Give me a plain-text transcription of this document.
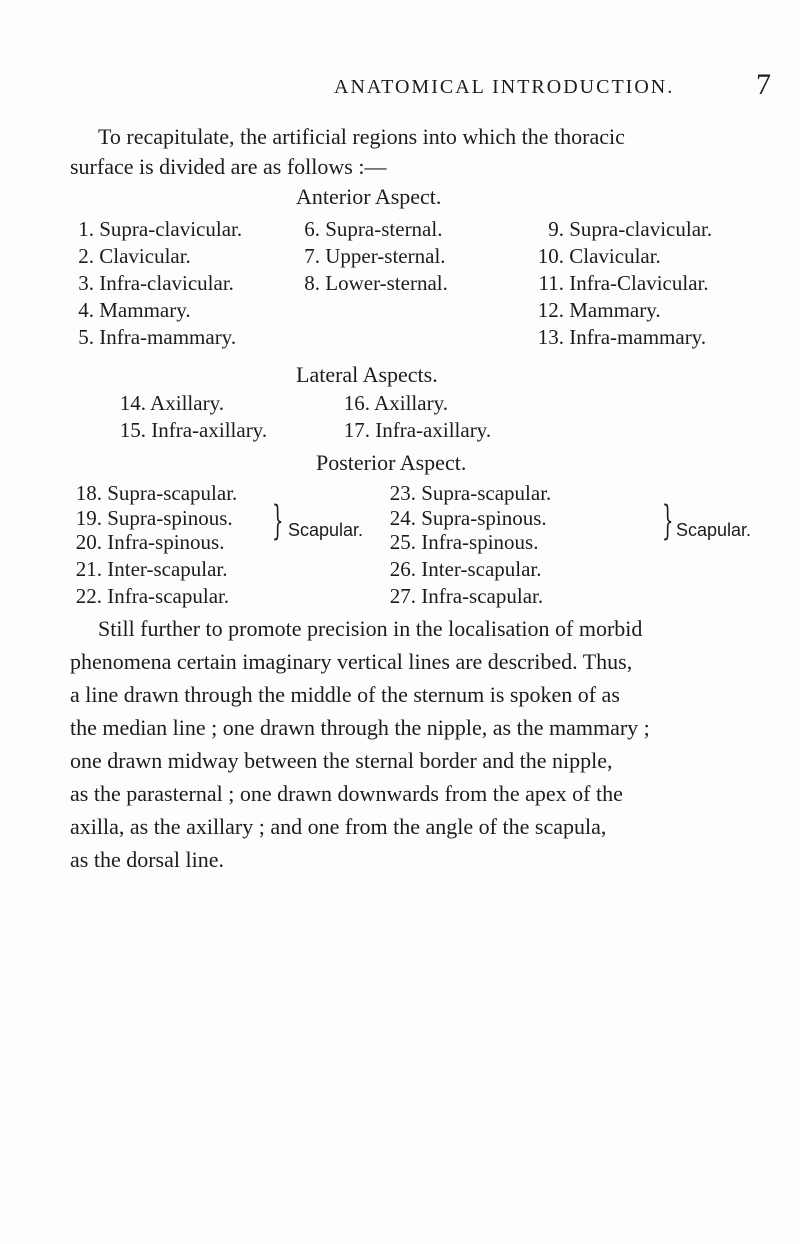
ANATOMICAL INTRODUCTION.	7
To recapitulate, the artificial regions into which the thoracic
surface is divided are as follows :—
Anterior Aspect.
1. Supra-clavicular.
2. Clavicular.
3. Infra-clavicular.
4. Mammary.
5. Infra-mammary.
6. Supra-sternal.
7. Upper-sternal.
8. Lower-sternal.
9. Supra-clavicular.
10. Clavicular.
11. Infra-Clavicular.
12. Mammary.
13. Infra-mammary.
Lateral Aspects.
14. Axillary.
15. Infra-axillary.
16. Axillary.
17. Infra-axillary.
Posterior Aspect.
18. Supra-scapular.
19. Supra-spinous.
20. Infra-spinous.
21. Inter-scapular.
22. Infra-scapular.
} Scapular.
23. Supra-scapular.
24. Supra-spinous.
25. Infra-spinous.
26. Inter-scapular.
27. Infra-scapular.
} Scapular.
Still further to promote precision in the localisation of morbid
phenomena certain imaginary vertical lines are described. Thus,
a line drawn through the middle of the sternum is spoken of as
the median line ; one drawn through the nipple, as the mammary ;
one drawn midway between the sternal border and the nipple,
as the parasternal ; one drawn downwards from the apex of the
axilla, as the axillary ; and one from the angle of the scapula,
as the dorsal line.
